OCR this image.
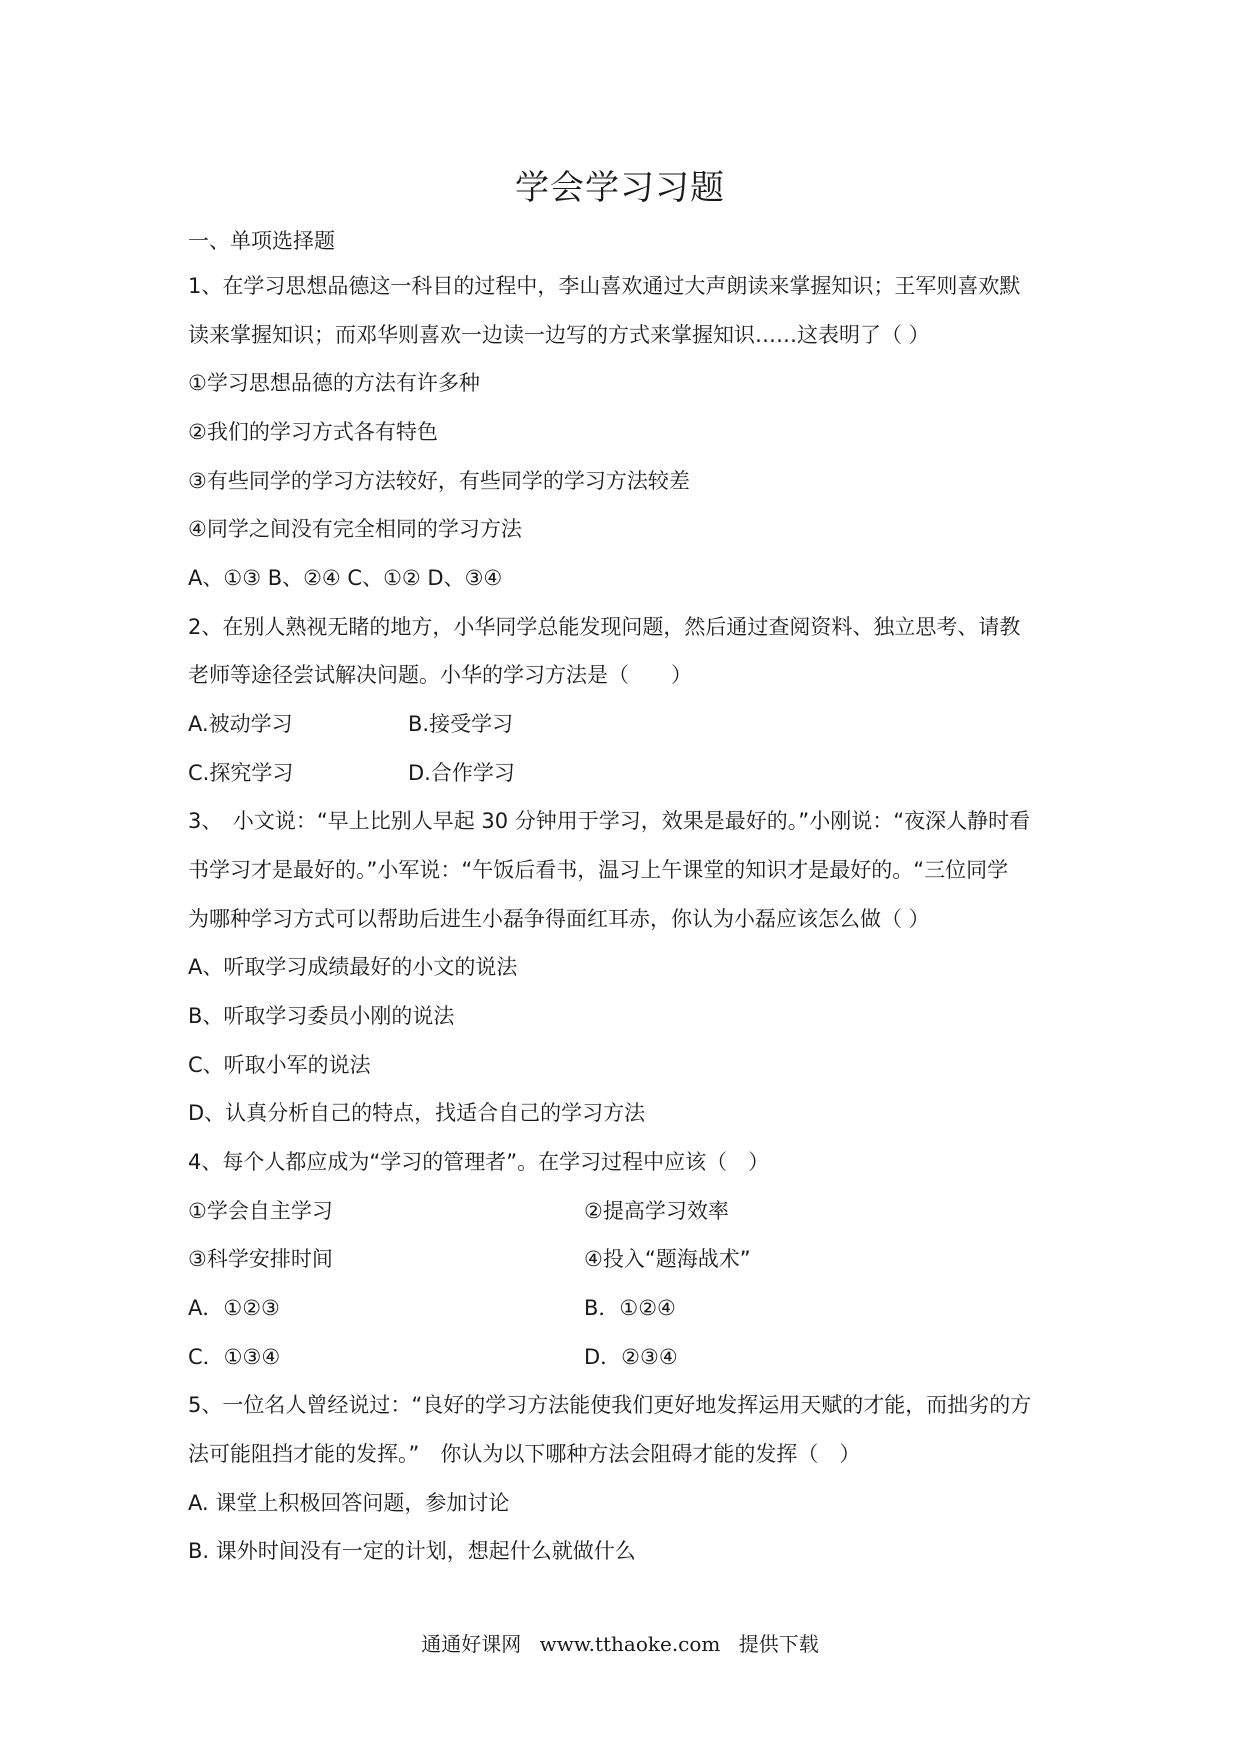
学会学习习题
一、单项选择题
1、在学习思想品德这一科目的过程中，李山喜欢通过大声朗读来掌握知识；王军则喜欢默
读来掌握知识；而邓华则喜欢一边读一边写的方式来掌握知识……这表明了（ ）
①学习思想品德的方法有许多种
②我们的学习方式各有特色
③有些同学的学习方法较好，有些同学的学习方法较差
④同学之间没有完全相同的学习方法
A、①③ B、②④ C、①② D、③④
2、在别人熟视无睹的地方，小华同学总能发现问题，然后通过查阅资料、独立思考、请教
老师等途径尝试解决问题。小华的学习方法是（　　）
A.被动学习	B.接受学习
C.探究学习	D.合作学习
3、　小文说：“早上比别人早起 30 分钟用于学习，效果是最好的。”小刚说：“夜深人静时看
书学习才是最好的。”小军说：“午饭后看书，温习上午课堂的知识才是最好的。“三位同学
为哪种学习方式可以帮助后进生小磊争得面红耳赤，你认为小磊应该怎么做（ ）
A、听取学习成绩最好的小文的说法
B、听取学习委员小刚的说法
C、听取小军的说法
D、认真分析自己的特点，找适合自己的学习方法
4、每个人都应成为“学习的管理者”。在学习过程中应该（　）
①学会自主学习	②提高学习效率
③科学安排时间	④投入“题海战术”
A．①②③	B．①②④
C．①③④	D．②③④
5、一位名人曾经说过：“良好的学习方法能使我们更好地发挥运用天赋的才能，而拙劣的方
法可能阻挡才能的发挥。”　你认为以下哪种方法会阻碍才能的发挥（　）
A. 课堂上积极回答问题，参加讨论
B. 课外时间没有一定的计划，想起什么就做什么
通通好课网 www.tthaoke.com 提供下载
